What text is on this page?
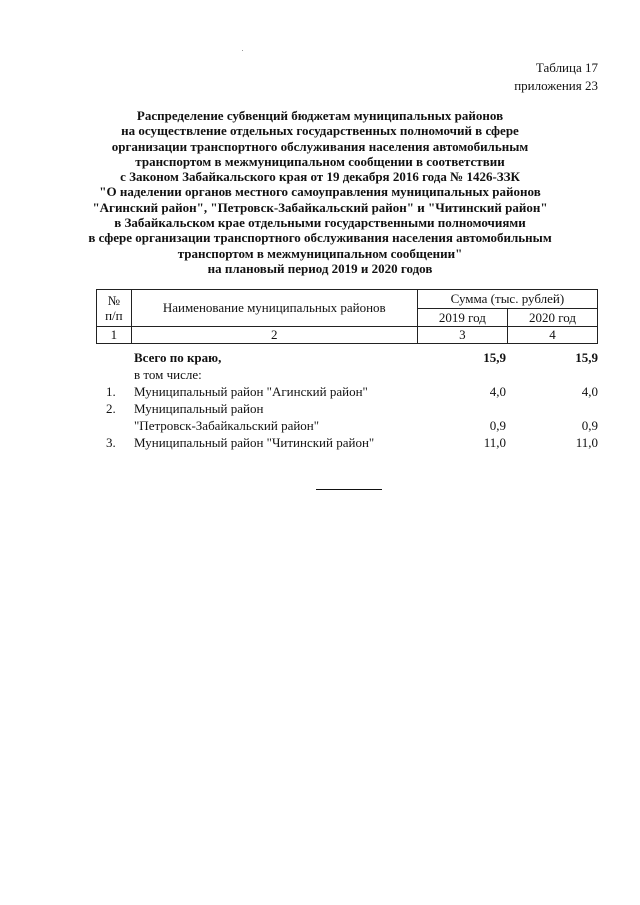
Таблица 17
приложения 23
Распределение субвенций бюджетам муниципальных районов
на осуществление отдельных государственных полномочий в сфере
организации транспортного обслуживания населения автомобильным
транспортом в межмуниципальном сообщении в соответствии
с Законом Забайкальского края от 19 декабря 2016 года № 1426-ЗЗК
"О наделении органов местного самоуправления муниципальных районов
"Агинский район", "Петровск-Забайкальский район" и "Читинский район"
в Забайкальском крае отдельными государственными полномочиями
в сфере организации транспортного обслуживания населения автомобильным
транспортом в межмуниципальном сообщении"
на плановый период 2019 и 2020 годов
№
п/п	Наименование муниципальных районов	Сумма (тыс. рублей)	
		2019 год	2020 год
1	2	3	4
Всего по краю,	15,9	15,9
в том числе:
1.	Муниципальный район "Агинский район"	4,0	4,0
2.	Муниципальный район
"Петровск-Забайкальский район"	0,9	0,9
3.	Муниципальный район "Читинский район"	11,0	11,0
